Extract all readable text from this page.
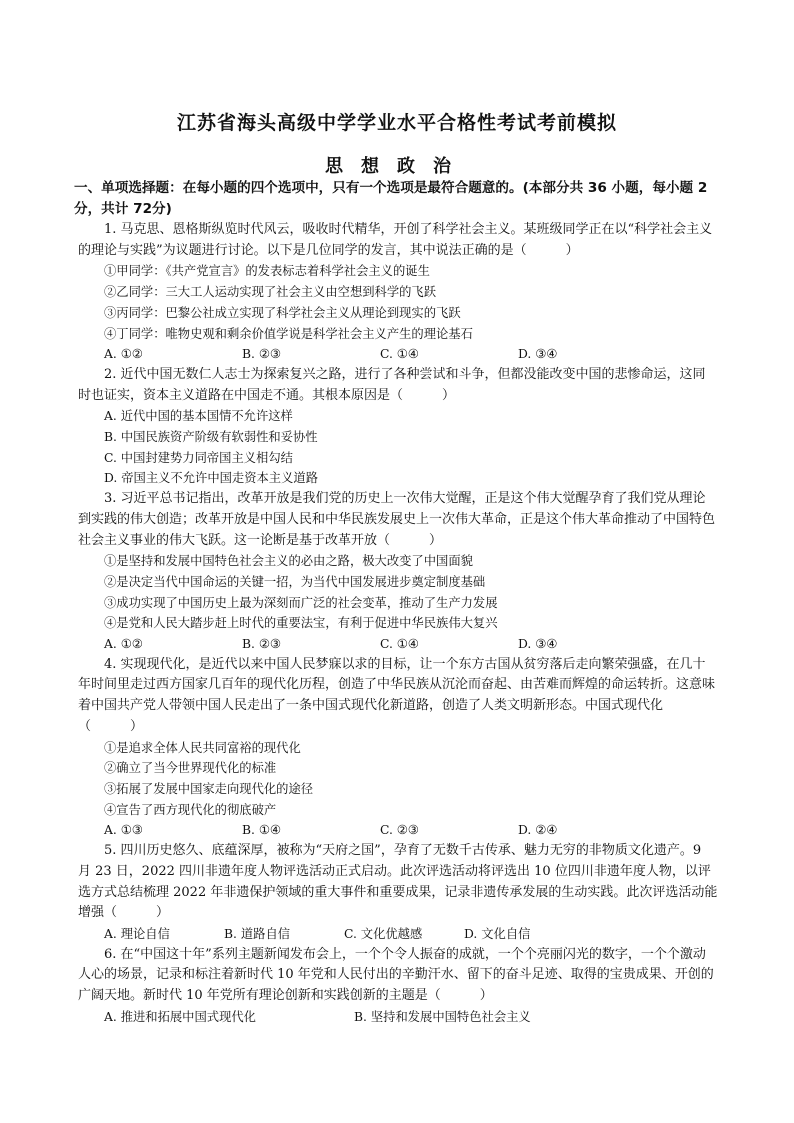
江苏省海头高级中学学业水平合格性考试考前模拟
思想政治
一、单项选择题：在每小题的四个选项中，只有一个选项是最符合题意的。(本部分共 36 小题，每小题 2 分，共计 72分)
1. 马克思、恩格斯纵览时代风云，吸收时代精华，开创了科学社会主义。某班级同学正在以“科学社会主义的理论与实践”为议题进行讨论。以下是几位同学的发言，其中说法正确的是（　　　）
①甲同学：《共产党宣言》的发表标志着科学社会主义的诞生
②乙同学：三大工人运动实现了社会主义由空想到科学的飞跃
③丙同学：巴黎公社成立实现了科学社会主义从理论到现实的飞跃
④丁同学：唯物史观和剩余价值学说是科学社会主义产生的理论基石
A. ①②	B. ②③	C. ①④	D. ③④
2. 近代中国无数仁人志士为探索复兴之路，进行了各种尝试和斗争，但都没能改变中国的悲惨命运，这同时也证实，资本主义道路在中国走不通。其根本原因是（　　　）
A. 近代中国的基本国情不允许这样
B. 中国民族资产阶级有软弱性和妥协性
C. 中国封建势力同帝国主义相勾结
D. 帝国主义不允许中国走资本主义道路
3. 习近平总书记指出，改革开放是我们党的历史上一次伟大觉醒，正是这个伟大觉醒孕育了我们党从理论到实践的伟大创造；改革开放是中国人民和中华民族发展史上一次伟大革命，正是这个伟大革命推动了中国特色社会主义事业的伟大飞跃。这一论断是基于改革开放（　　　）
①是坚持和发展中国特色社会主义的必由之路，极大改变了中国面貌
②是决定当代中国命运的关键一招，为当代中国发展进步奠定制度基础
③成功实现了中国历史上最为深刻而广泛的社会变革，推动了生产力发展
④是党和人民大踏步赶上时代的重要法宝，有利于促进中华民族伟大复兴
A. ①②	B. ②③	C. ①④	D. ③④
4. 实现现代化，是近代以来中国人民梦寐以求的目标，让一个东方古国从贫穷落后走向繁荣强盛，在几十年时间里走过西方国家几百年的现代化历程，创造了中华民族从沉沦而奋起、由苦难而辉煌的命运转折。这意味着中国共产党人带领中国人民走出了一条中国式现代化新道路，创造了人类文明新形态。中国式现代化（　　　）
①是追求全体人民共同富裕的现代化
②确立了当今世界现代化的标准
③拓展了发展中国家走向现代化的途径
④宣告了西方现代化的彻底破产
A. ①③	B. ①④	C. ②③	D. ②④
5. 四川历史悠久、底蕴深厚，被称为“天府之国”，孕育了无数千古传承、魅力无穷的非物质文化遗产。9 月 23 日，2022 四川非遗年度人物评选活动正式启动。此次评选活动将评选出 10 位四川非遗年度人物，以评选方式总结梳理 2022 年非遗保护领域的重大事件和重要成果，记录非遗传承发展的生动实践。此次评选活动能增强（　　　）
A. 理论自信	B. 道路自信	C. 文化优越感	D. 文化自信
6. 在“中国这十年”系列主题新闻发布会上，一个个令人振奋的成就，一个个亮丽闪光的数字，一个个激动人心的场景，记录和标注着新时代 10 年党和人民付出的辛勤汗水、留下的奋斗足迹、取得的宝贵成果、开创的广阔天地。新时代 10 年党所有理论创新和实践创新的主题是（　　　）
A. 推进和拓展中国式现代化	B. 坚持和发展中国特色社会主义
